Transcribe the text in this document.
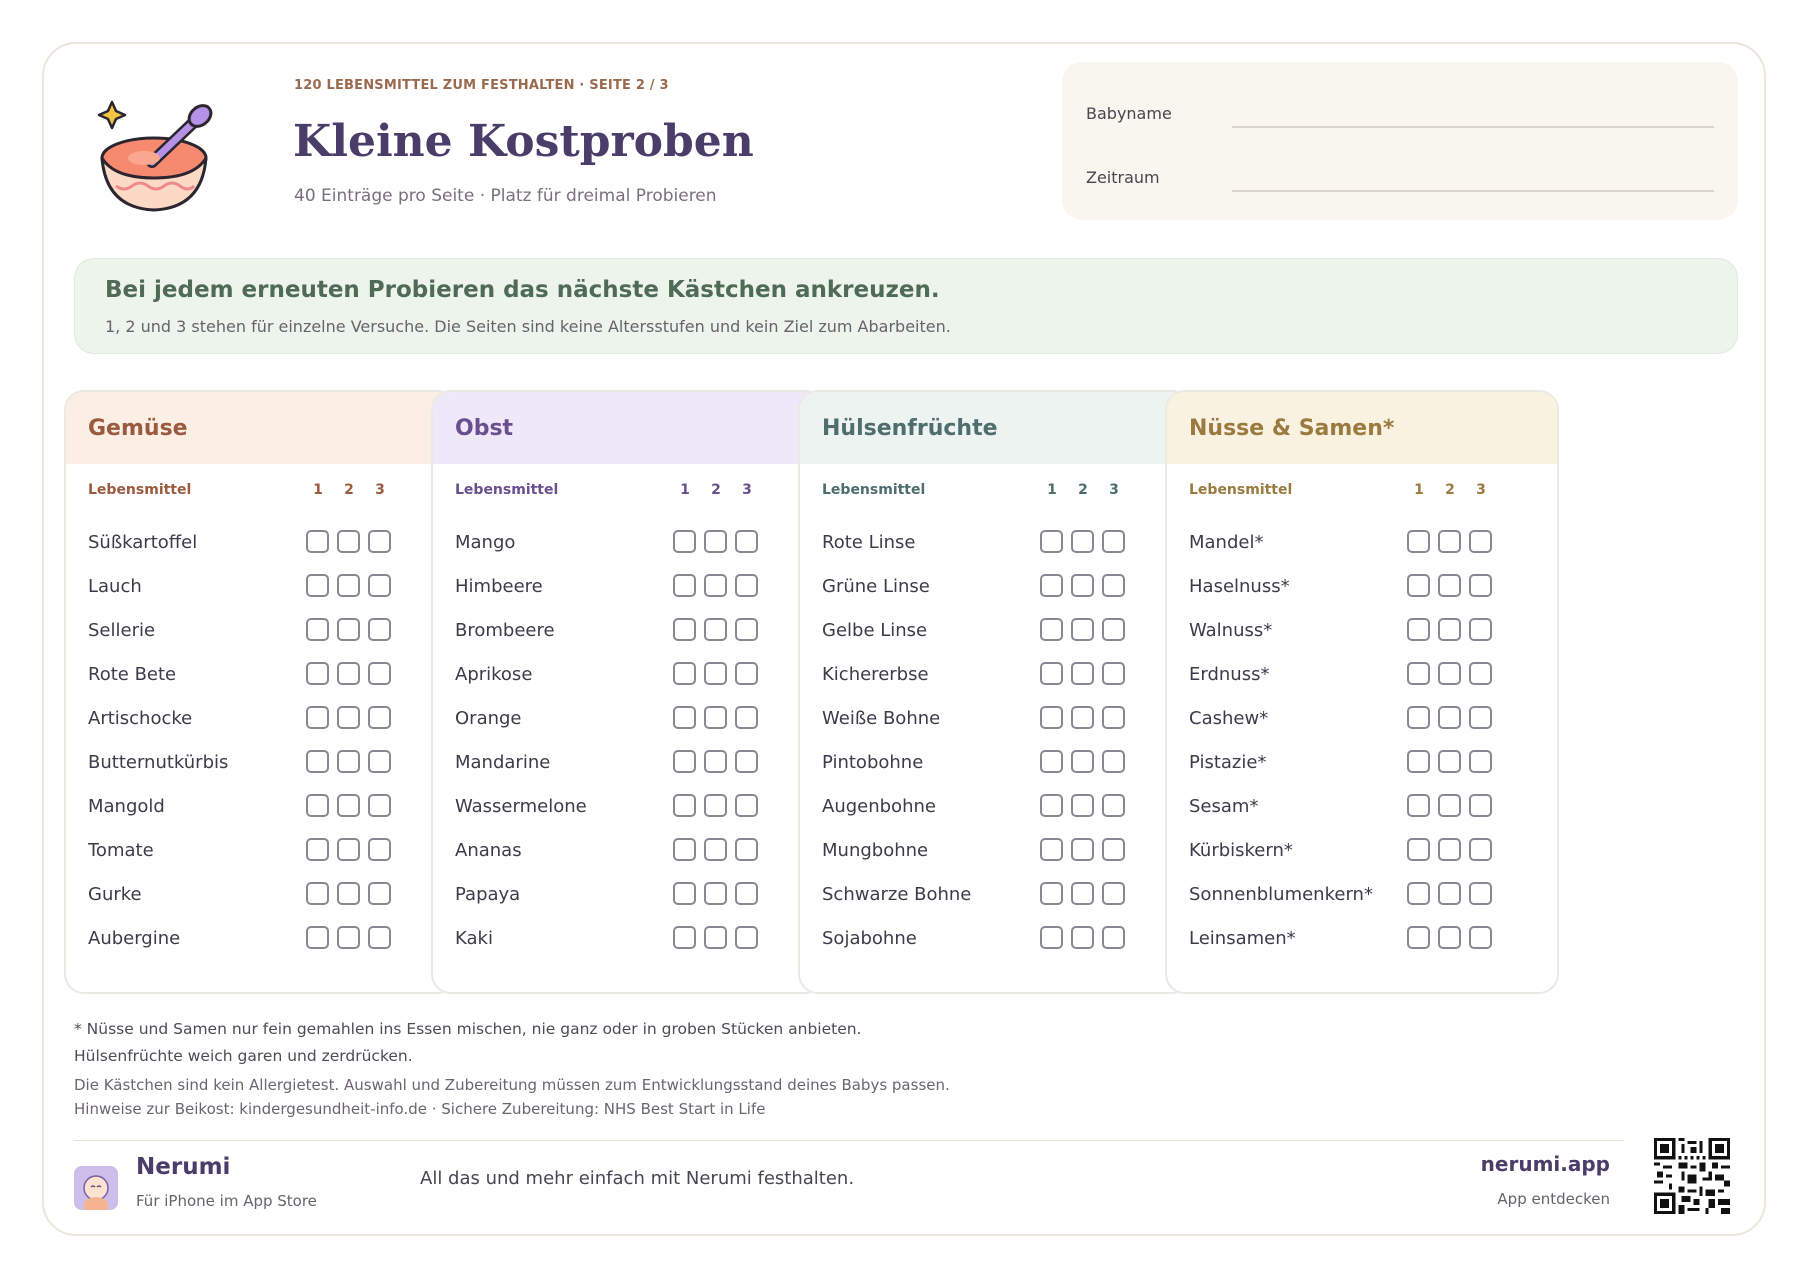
120 LEBENSMITTEL ZUM FESTHALTEN · SEITE 2 / 3
Kleine Kostproben
40 Einträge pro Seite · Platz für dreimal Probieren
Babyname
Zeitraum
Bei jedem erneuten Probieren das nächste Kästchen ankreuzen.
1, 2 und 3 stehen für einzelne Versuche. Die Seiten sind keine Altersstufen und kein Ziel zum Abarbeiten.
Gemüse
Lebensmittel	1	2	3
Süßkartoffel
Lauch
Sellerie
Rote Bete
Artischocke
Butternutkürbis
Mangold
Tomate
Gurke
Aubergine
Obst
Lebensmittel	1	2	3
Mango
Himbeere
Brombeere
Aprikose
Orange
Mandarine
Wassermelone
Ananas
Papaya
Kaki
Hülsenfrüchte
Lebensmittel	1	2	3
Rote Linse
Grüne Linse
Gelbe Linse
Kichererbse
Weiße Bohne
Pintobohne
Augenbohne
Mungbohne
Schwarze Bohne
Sojabohne
Nüsse & Samen*
Lebensmittel	1	2	3
Mandel*
Haselnuss*
Walnuss*
Erdnuss*
Cashew*
Pistazie*
Sesam*
Kürbiskern*
Sonnenblumenkern*
Leinsamen*
* Nüsse und Samen nur fein gemahlen ins Essen mischen, nie ganz oder in groben Stücken anbieten.
Hülsenfrüchte weich garen und zerdrücken.
Die Kästchen sind kein Allergietest. Auswahl und Zubereitung müssen zum Entwicklungsstand deines Babys passen.
Hinweise zur Beikost: kindergesundheit-info.de · Sichere Zubereitung: NHS Best Start in Life
Nerumi
Für iPhone im App Store
All das und mehr einfach mit Nerumi festhalten.
nerumi.app
App entdecken
